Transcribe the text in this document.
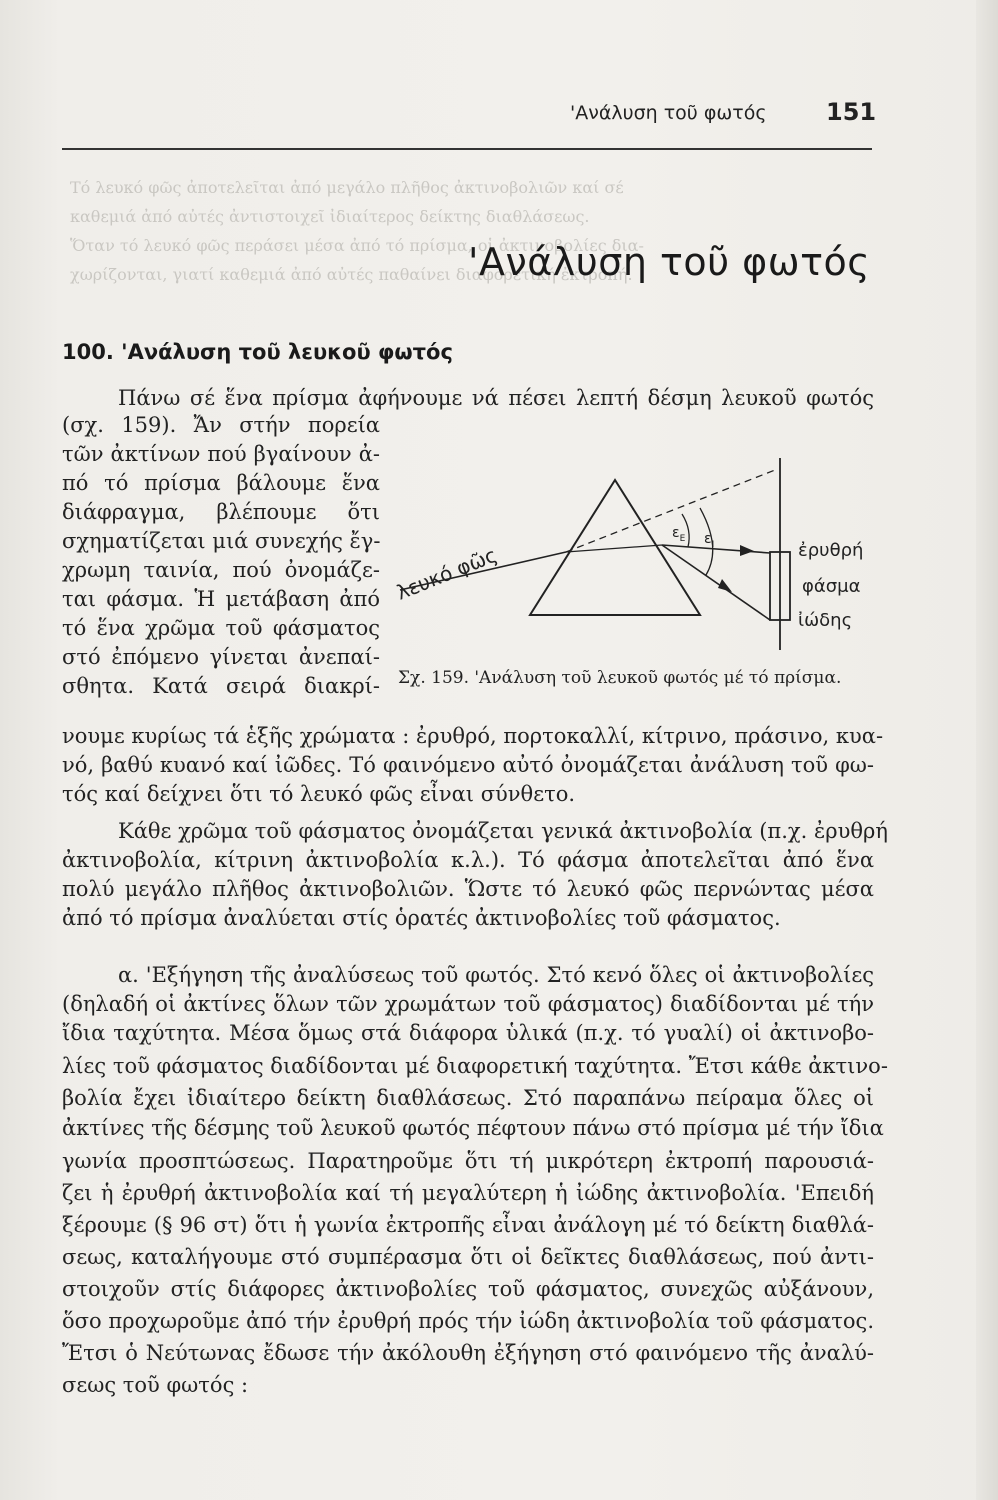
Τό λευκό φῶς ἀποτελεῖται ἀπό μεγάλο πλῆθος ἀκτινοβολιῶν καί σέ
καθεμιά ἀπό αὐτές ἀντιστοιχεῖ ἰδιαίτερος δείκτης διαθλάσεως.
Ὅταν τό λευκό φῶς περάσει μέσα ἀπό τό πρίσμα, οἱ ἀκτινοβολίες δια-
χωρίζονται, γιατί καθεμιά ἀπό αὐτές παθαίνει διαφορετική ἐκτροπή.
'Ανάλυση τοῦ φωτός 151
'Ανάλυση τοῦ φωτός
100. 'Ανάλυση τοῦ λευκοῦ φωτός
Πάνω σέ ἕνα πρίσμα ἀφήνουμε νά πέσει λεπτή δέσμη λευκοῦ φωτός
(σχ. 159). Ἄν στήν πορεία
τῶν ἀκτίνων πού βγαίνουν ἀ-
πό τό πρίσμα βάλουμε ἕνα
διάφραγμα, βλέπουμε ὅτι
σχηματίζεται μιά συνεχής ἔγ-
χρωμη ταινία, πού ὀνομάζε-
ται φάσμα. Ἡ μετάβαση ἀπό
τό ἕνα χρῶμα τοῦ φάσματος
στό ἐπόμενο γίνεται ἀνεπαί-
σθητα. Κατά σειρά διακρί-
νουμε κυρίως τά ἑξῆς χρώματα : ἐρυθρό, πορτοκαλλί, κίτρινο, πράσινο, κυα-
νό, βαθύ κυανό καί ἰῶδες. Τό φαινόμενο αὐτό ὀνομάζεται ἀνάλυση τοῦ φω-
τός καί δείχνει ὅτι τό λευκό φῶς εἶναι σύνθετο.
λευκό φῶς
$\varepsilon_E$ $\varepsilon_I$	ἐρυθρή
φάσμα
ἰώδης
Σχ. 159. 'Ανάλυση τοῦ λευκοῦ φωτός μέ τό πρίσμα.
Κάθε χρῶμα τοῦ φάσματος ὀνομάζεται γενικά ἀκτινοβολία (π.χ. ἐρυθρή
ἀκτινοβολία, κίτρινη ἀκτινοβολία κ.λ.). Τό φάσμα ἀποτελεῖται ἀπό ἕνα
πολύ μεγάλο πλῆθος ἀκτινοβολιῶν. Ὥστε τό λευκό φῶς περνώντας μέσα
ἀπό τό πρίσμα ἀναλύεται στίς ὁρατές ἀκτινοβολίες τοῦ φάσματος.
α. 'Εξήγηση τῆς ἀναλύσεως τοῦ φωτός. Στό κενό ὅλες οἱ ἀκτινοβολίες
(δηλαδή οἱ ἀκτίνες ὅλων τῶν χρωμάτων τοῦ φάσματος) διαδίδονται μέ τήν
ἴδια ταχύτητα. Μέσα ὅμως στά διάφορα ὑλικά (π.χ. τό γυαλί) οἱ ἀκτινοβο-
λίες τοῦ φάσματος διαδίδονται μέ διαφορετική ταχύτητα. Ἔτσι κάθε ἀκτινο-
βολία ἔχει ἰδιαίτερο δείκτη διαθλάσεως. Στό παραπάνω πείραμα ὅλες οἱ
ἀκτίνες τῆς δέσμης τοῦ λευκοῦ φωτός πέφτουν πάνω στό πρίσμα μέ τήν ἴδια
γωνία προσπτώσεως. Παρατηροῦμε ὅτι τή μικρότερη ἐκτροπή παρουσιά-
ζει ἡ ἐρυθρή ἀκτινοβολία καί τή μεγαλύτερη ἡ ἰώδης ἀκτινοβολία. 'Επειδή
ξέρουμε (§ 96 στ) ὅτι ἡ γωνία ἐκτροπῆς εἶναι ἀνάλογη μέ τό δείκτη διαθλά-
σεως, καταλήγουμε στό συμπέρασμα ὅτι οἱ δεῖκτες διαθλάσεως, πού ἀντι-
στοιχοῦν στίς διάφορες ἀκτινοβολίες τοῦ φάσματος, συνεχῶς αὐξάνουν,
ὅσο προχωροῦμε ἀπό τήν ἐρυθρή πρός τήν ἰώδη ἀκτινοβολία τοῦ φάσματος.
Ἔτσι ὁ Νεύτωνας ἔδωσε τήν ἀκόλουθη ἐξήγηση στό φαινόμενο τῆς ἀναλύ-
σεως τοῦ φωτός :
